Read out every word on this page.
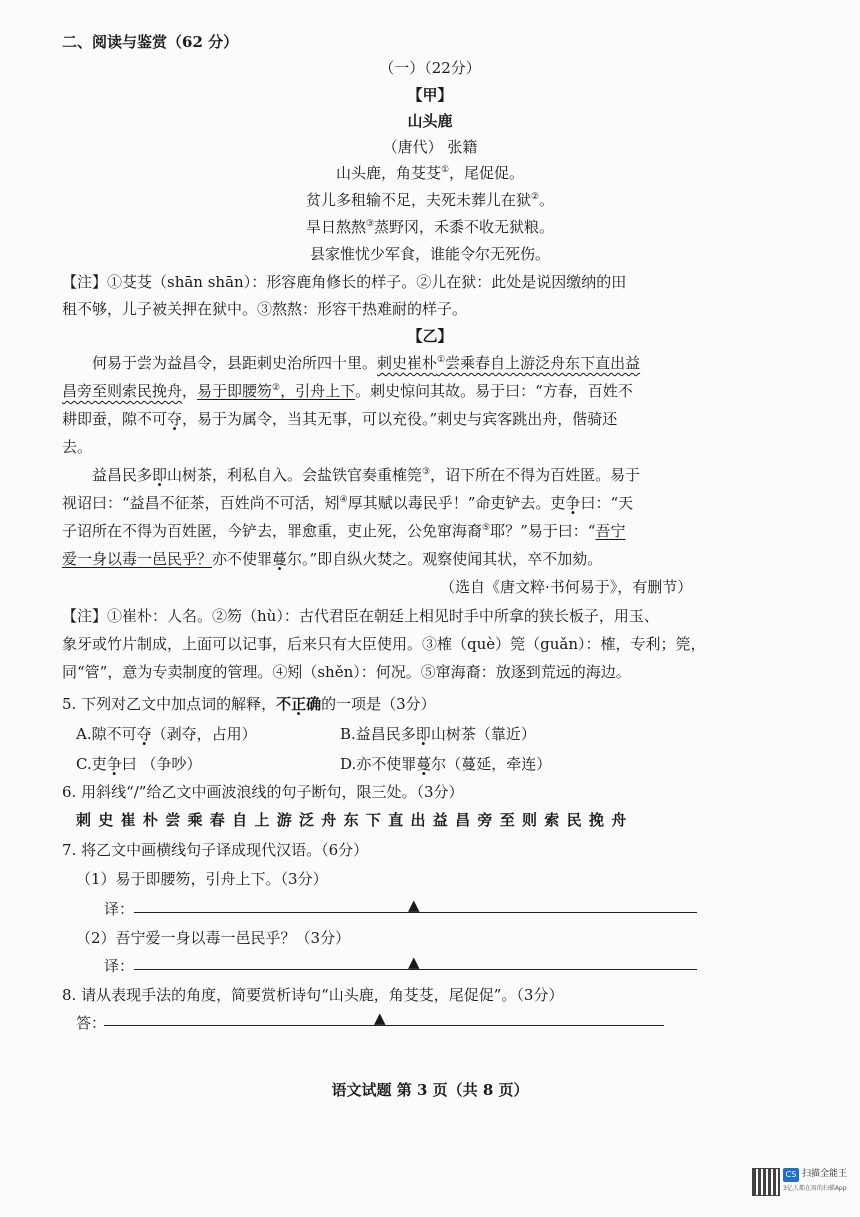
二、阅读与鉴赏（62 分）
（一）（22分）
【甲】
山头鹿
（唐代） 张籍
山头鹿，角芟芟①，尾促促。
贫儿多租输不足，夫死未葬儿在狱②。
旱日熬熬③蒸野冈，禾黍不收无狱粮。
县家惟忧少军食，谁能令尔无死伤。
【注】①芟芟（shān shān）：形容鹿角修长的样子。②儿在狱：此处是说因缴纳的田
租不够，儿子被关押在狱中。③熬熬：形容干热难耐的样子。
【乙】
何易于尝为益昌令，县距刺史治所四十里。刺史崔朴①尝乘春自上游泛舟东下直出益
昌旁至则索民挽舟，易于即腰笏②，引舟上下。刺史惊问其故。易于曰：“方春，百姓不
耕即蚕，隙不可夺，易于为属令，当其无事，可以充役。”刺史与宾客跳出舟，偕骑还
去。
益昌民多即山树茶，利私自入。会盐铁官奏重榷筦③，诏下所在不得为百姓匿。易于
视诏曰：“益昌不征茶，百姓尚不可活，矧④厚其赋以毒民乎！”命吏铲去。吏争曰：“天
子诏所在不得为百姓匿，今铲去，罪愈重，吏止死，公免窜海裔⑤耶？”易于曰：“吾宁
爱一身以毒一邑民乎？亦不使罪蔓尔。”即自纵火焚之。观察使闻其状，卒不加劾。
（选自《唐文粹·书何易于》，有删节）
【注】①崔朴：人名。②笏（hù）：古代君臣在朝廷上相见时手中所拿的狭长板子，用玉、
象牙或竹片制成，上面可以记事，后来只有大臣使用。③榷（què）筦（guǎn）：榷，专利；筦，
同“管”，意为专卖制度的管理。④矧（shěn）：何况。⑤窜海裔：放逐到荒远的海边。
5. 下列对乙文中加点词的解释，不正确的一项是（3分）
A.隙不可夺（剥夺，占用）	B.益昌民多即山树茶（靠近）
C.吏争曰 （争吵）	D.亦不使罪蔓尔（蔓延，牵连）
6. 用斜线“/”给乙文中画波浪线的句子断句，限三处。（3分）
刺史崔朴尝乘春自上游泛舟东下直出益昌旁至则索民挽舟
7. 将乙文中画横线句子译成现代汉语。（6分）
（1）易于即腰笏，引舟上下。（3分）
译：	▲
（2）吾宁爱一身以毒一邑民乎？（3分）
译：	▲
8. 请从表现手法的角度，简要赏析诗句“山头鹿，角芟芟，尾促促”。（3分）
答：	▲
语文试题 第 3 页（共 8 页）
CS 扫描全能王
3亿人都在用的扫描App
